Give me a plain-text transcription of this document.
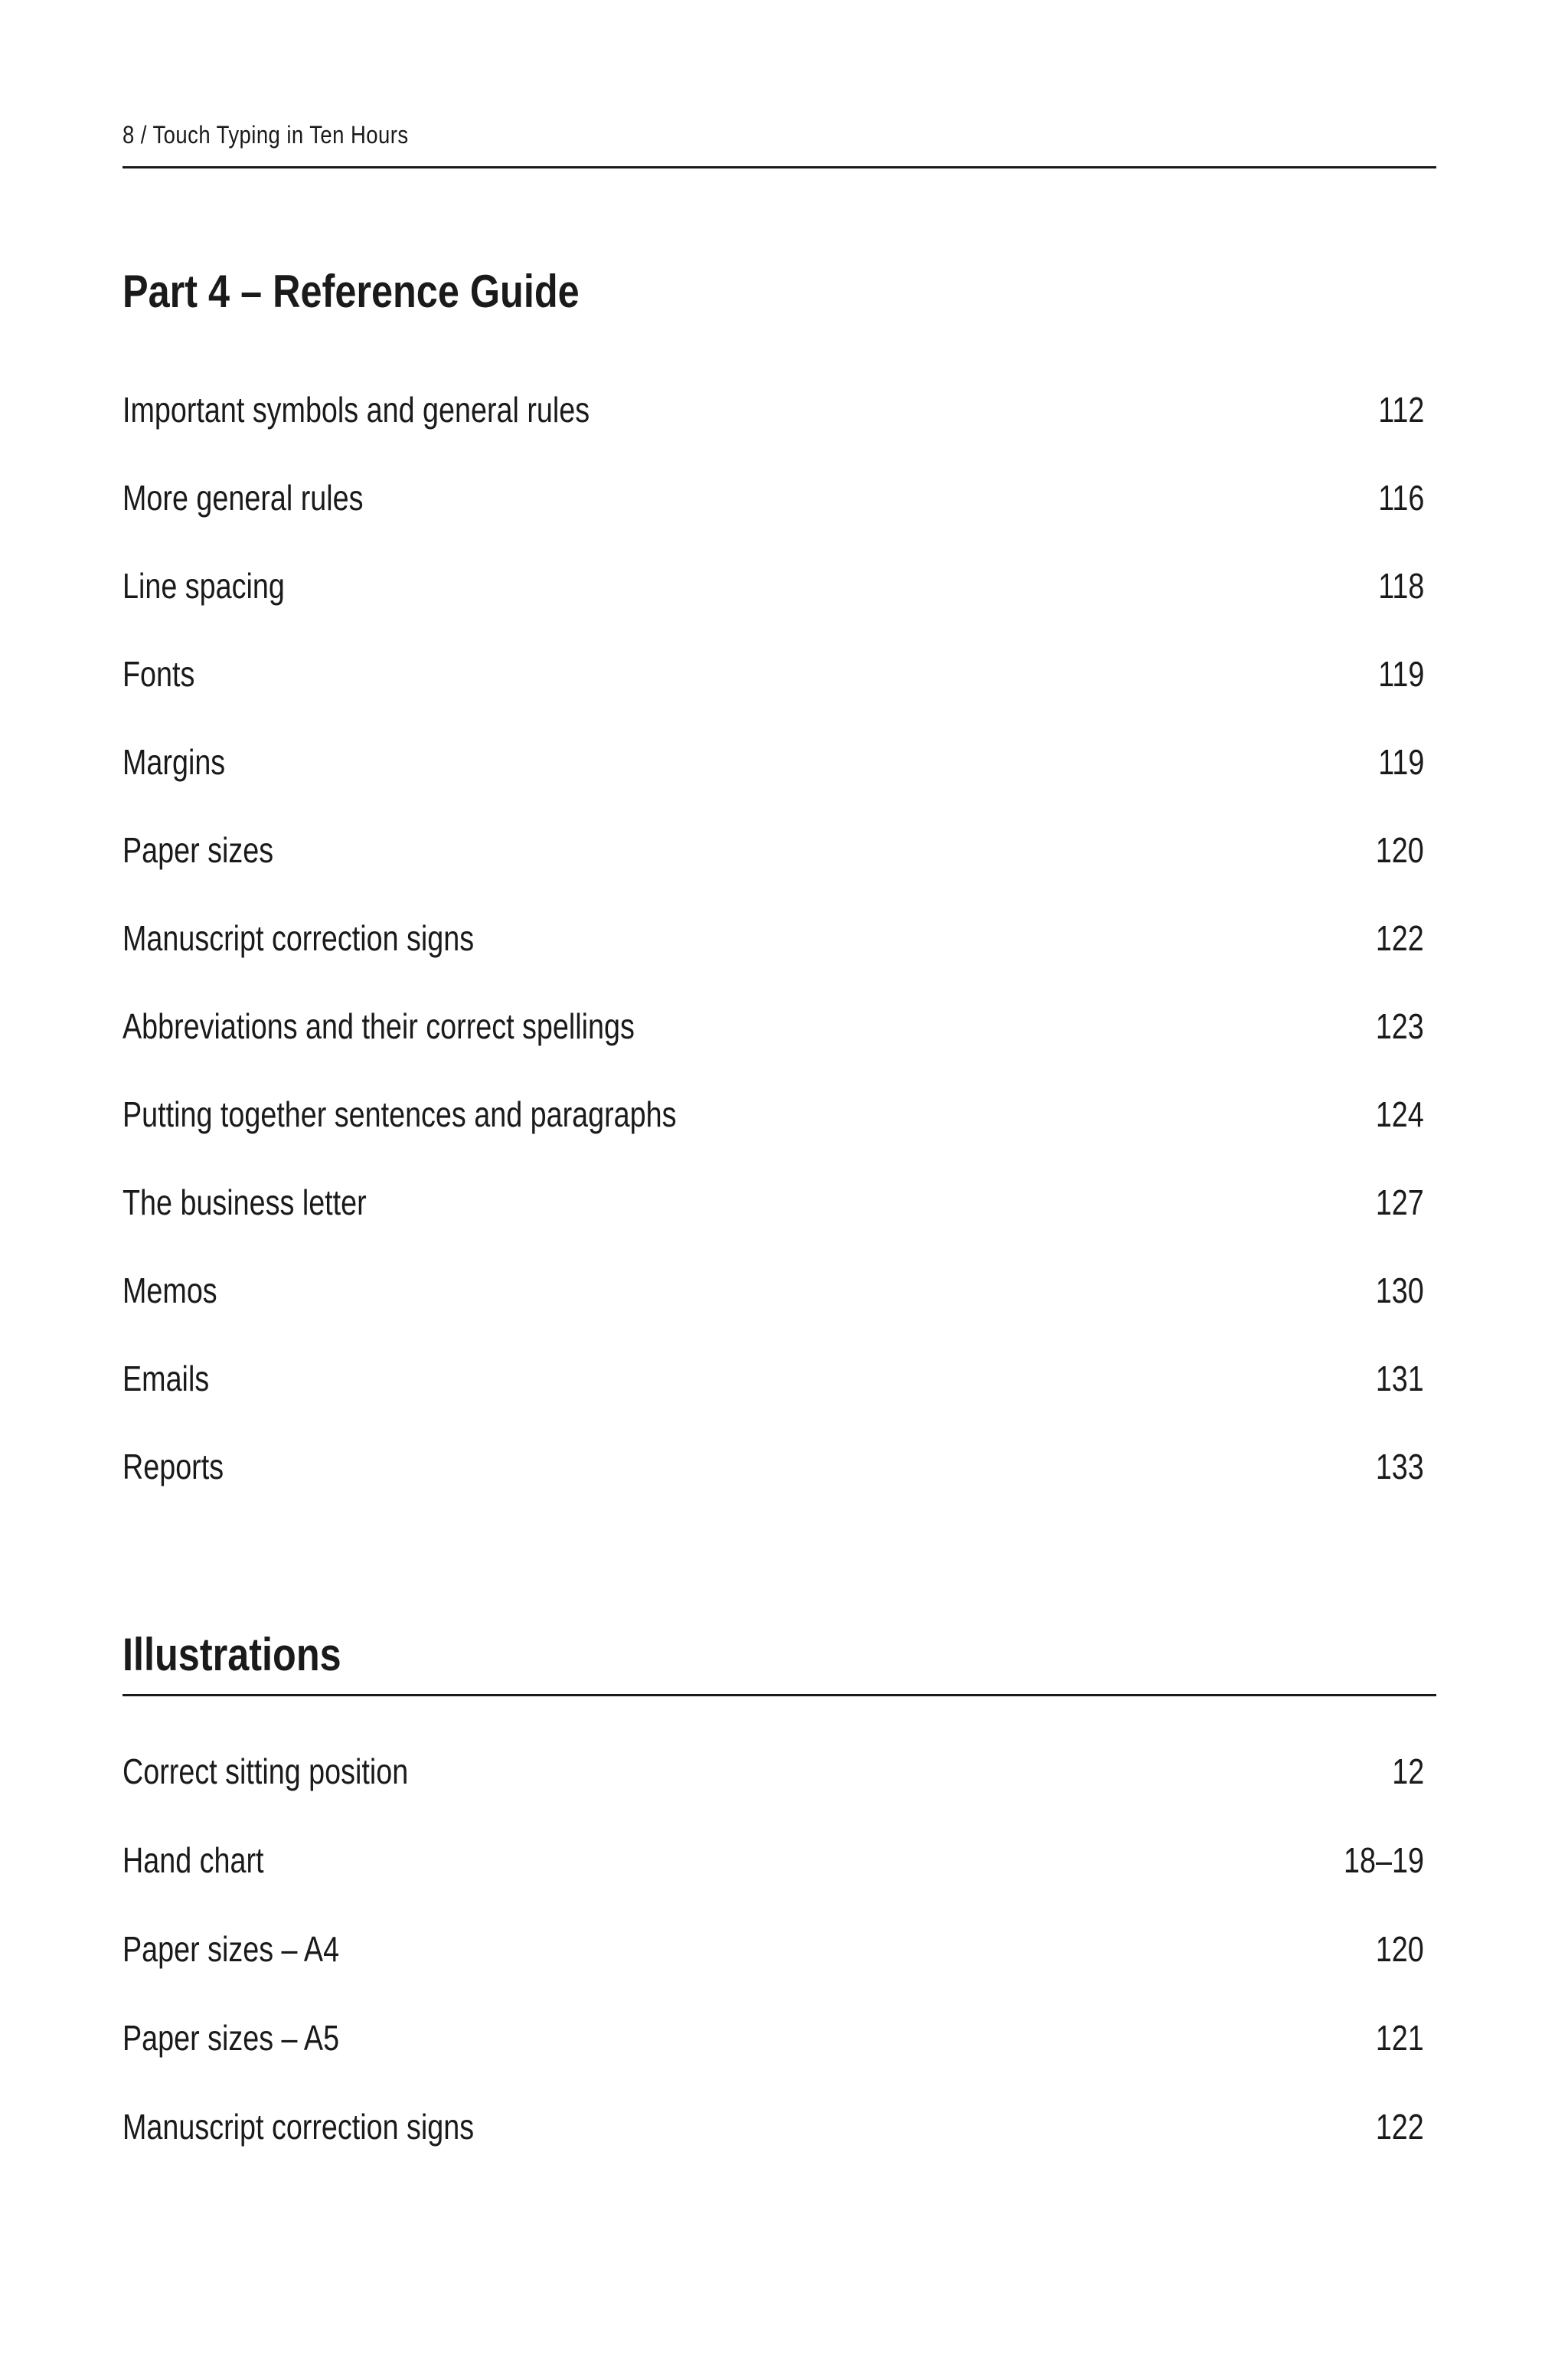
8 / Touch Typing in Ten Hours
Part 4 – Reference Guide
Important symbols and general rules	112
More general rules	116
Line spacing	118
Fonts	119
Margins	119
Paper sizes	120
Manuscript correction signs	122
Abbreviations and their correct spellings	123
Putting together sentences and paragraphs	124
The business letter	127
Memos	130
Emails	131
Reports	133
Illustrations
Correct sitting position	12
Hand chart	18–19
Paper sizes – A4	120
Paper sizes – A5	121
Manuscript correction signs	122
